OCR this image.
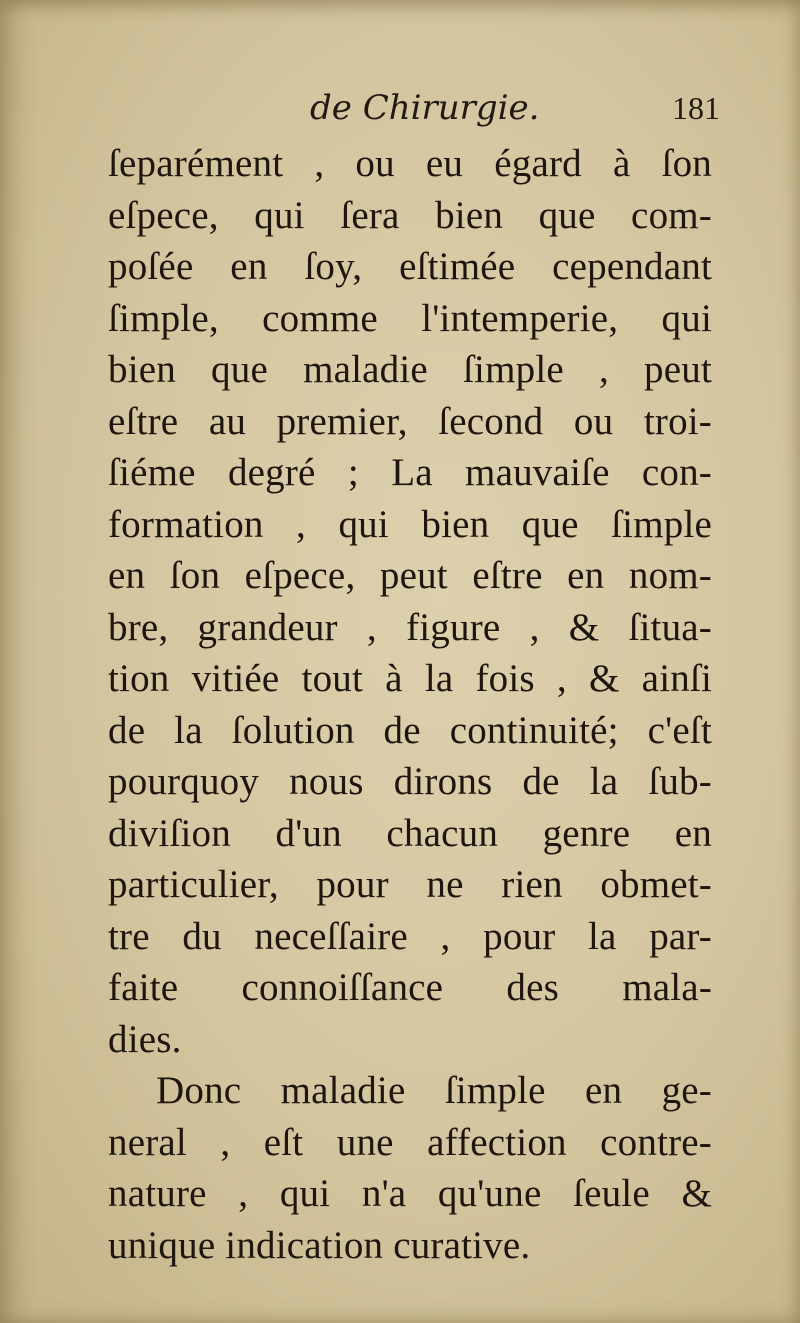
de Chirurgie.	181
ſeparément , ou eu égard à ſon
eſpece, qui ſera bien que com-
poſée en ſoy, eſtimée cependant
ſimple, comme l'intemperie, qui
bien que maladie ſimple , peut
eſtre au premier, ſecond ou troi-
ſiéme degré ; La mauvaiſe con-
formation , qui bien que ſimple
en ſon eſpece, peut eſtre en nom-
bre, grandeur , figure , & ſitua-
tion vitiée tout à la fois , & ainſi
de la ſolution de continuité; c'eſt
pourquoy nous dirons de la ſub-
diviſion d'un chacun genre en
particulier, pour ne rien obmet-
tre du neceſſaire , pour la par-
faite connoiſſance des mala-
dies.
Donc maladie ſimple en ge-
neral , eſt une affection contre-
nature , qui n'a qu'une ſeule &
unique indication curative.
